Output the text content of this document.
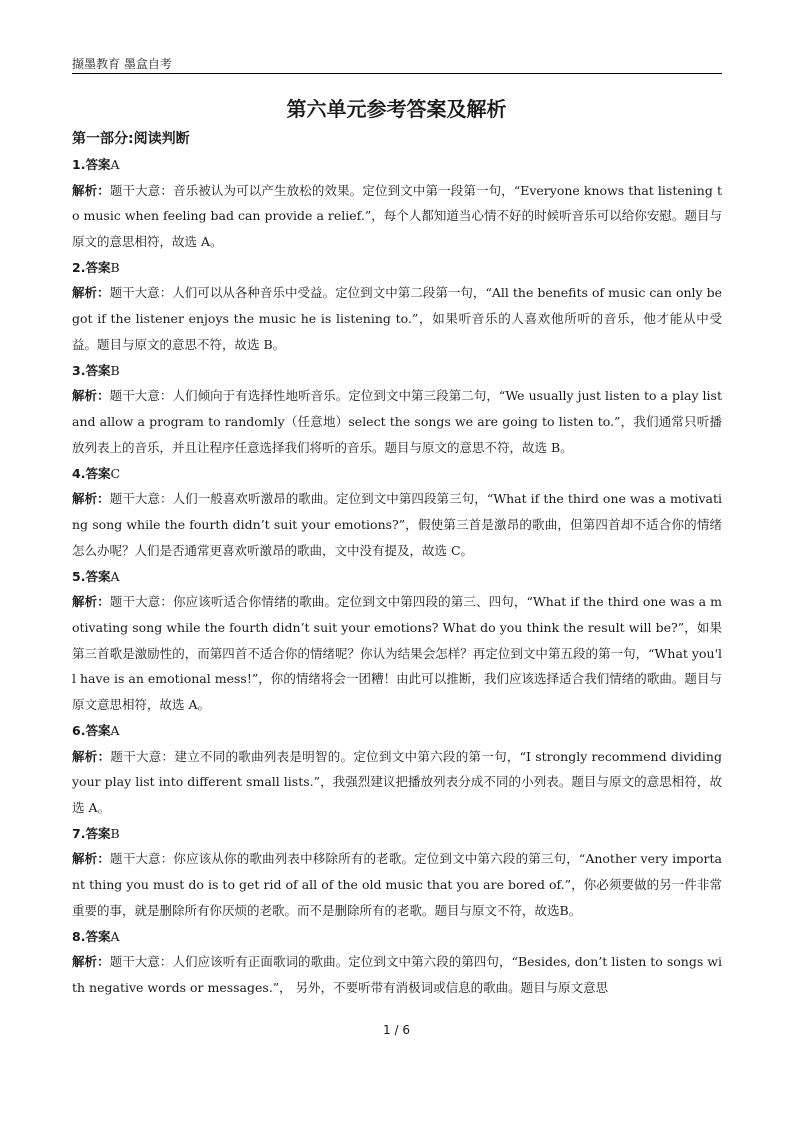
撷墨教育 墨盒自考
第六单元参考答案及解析
第一部分:阅读判断
1.答案A
解析：题干大意：音乐被认为可以产生放松的效果。定位到文中第一段第一句，“Everyone knows that listening to music when feeling bad can provide a relief.”，每个人都知道当心情不好的时候听音乐可以给你安慰。题目与原文的意思相符，故选 A。
2.答案B
解析：题干大意：人们可以从各种音乐中受益。定位到文中第二段第一句，“All the benefits of music can only be got if the listener enjoys the music he is listening to.”，如果听音乐的人喜欢他所听的音乐，他才能从中受益。题目与原文的意思不符，故选 B。
3.答案B
解析：题干大意：人们倾向于有选择性地听音乐。定位到文中第三段第二句，“We usually just listen to a play list and allow a program to randomly（任意地）select the songs we are going to listen to.”，我们通常只听播放列表上的音乐，并且让程序任意选择我们将听的音乐。题目与原文的意思不符，故选 B。
4.答案C
解析：题干大意：人们一般喜欢听激昂的歌曲。定位到文中第四段第三句，“What if the third one was a motivating song while the fourth didn’t suit your emotions?”，假使第三首是激昂的歌曲，但第四首却不适合你的情绪怎么办呢？人们是否通常更喜欢听激昂的歌曲，文中没有提及，故选 C。
5.答案A
解析：题干大意：你应该听适合你情绪的歌曲。定位到文中第四段的第三、四句，“What if the third one was a motivating song while the fourth didn’t suit your emotions? What do you think the result will be?”，如果第三首歌是激励性的，而第四首不适合你的情绪呢？你认为结果会怎样？再定位到文中第五段的第一句，“What you'll have is an emotional mess!”，你的情绪将会一团糟！由此可以推断，我们应该选择适合我们情绪的歌曲。题目与原文意思相符，故选 A。
6.答案A
解析：题干大意：建立不同的歌曲列表是明智的。定位到文中第六段的第一句，“I strongly recommend dividing your play list into different small lists.”，我强烈建议把播放列表分成不同的小列表。题目与原文的意思相符，故选 A。
7.答案B
解析：题干大意：你应该从你的歌曲列表中移除所有的老歌。定位到文中第六段的第三句，“Another very important thing you must do is to get rid of all of the old music that you are bored of.”，你必须要做的另一件非常重要的事，就是删除所有你厌烦的老歌。而不是删除所有的老歌。题目与原文不符，故选B。
8.答案A
解析：题干大意：人们应该听有正面歌词的歌曲。定位到文中第六段的第四句，“Besides, don’t listen to songs with negative words or messages.”， 另外，不要听带有消极词或信息的歌曲。题目与原文意思
1 / 6
